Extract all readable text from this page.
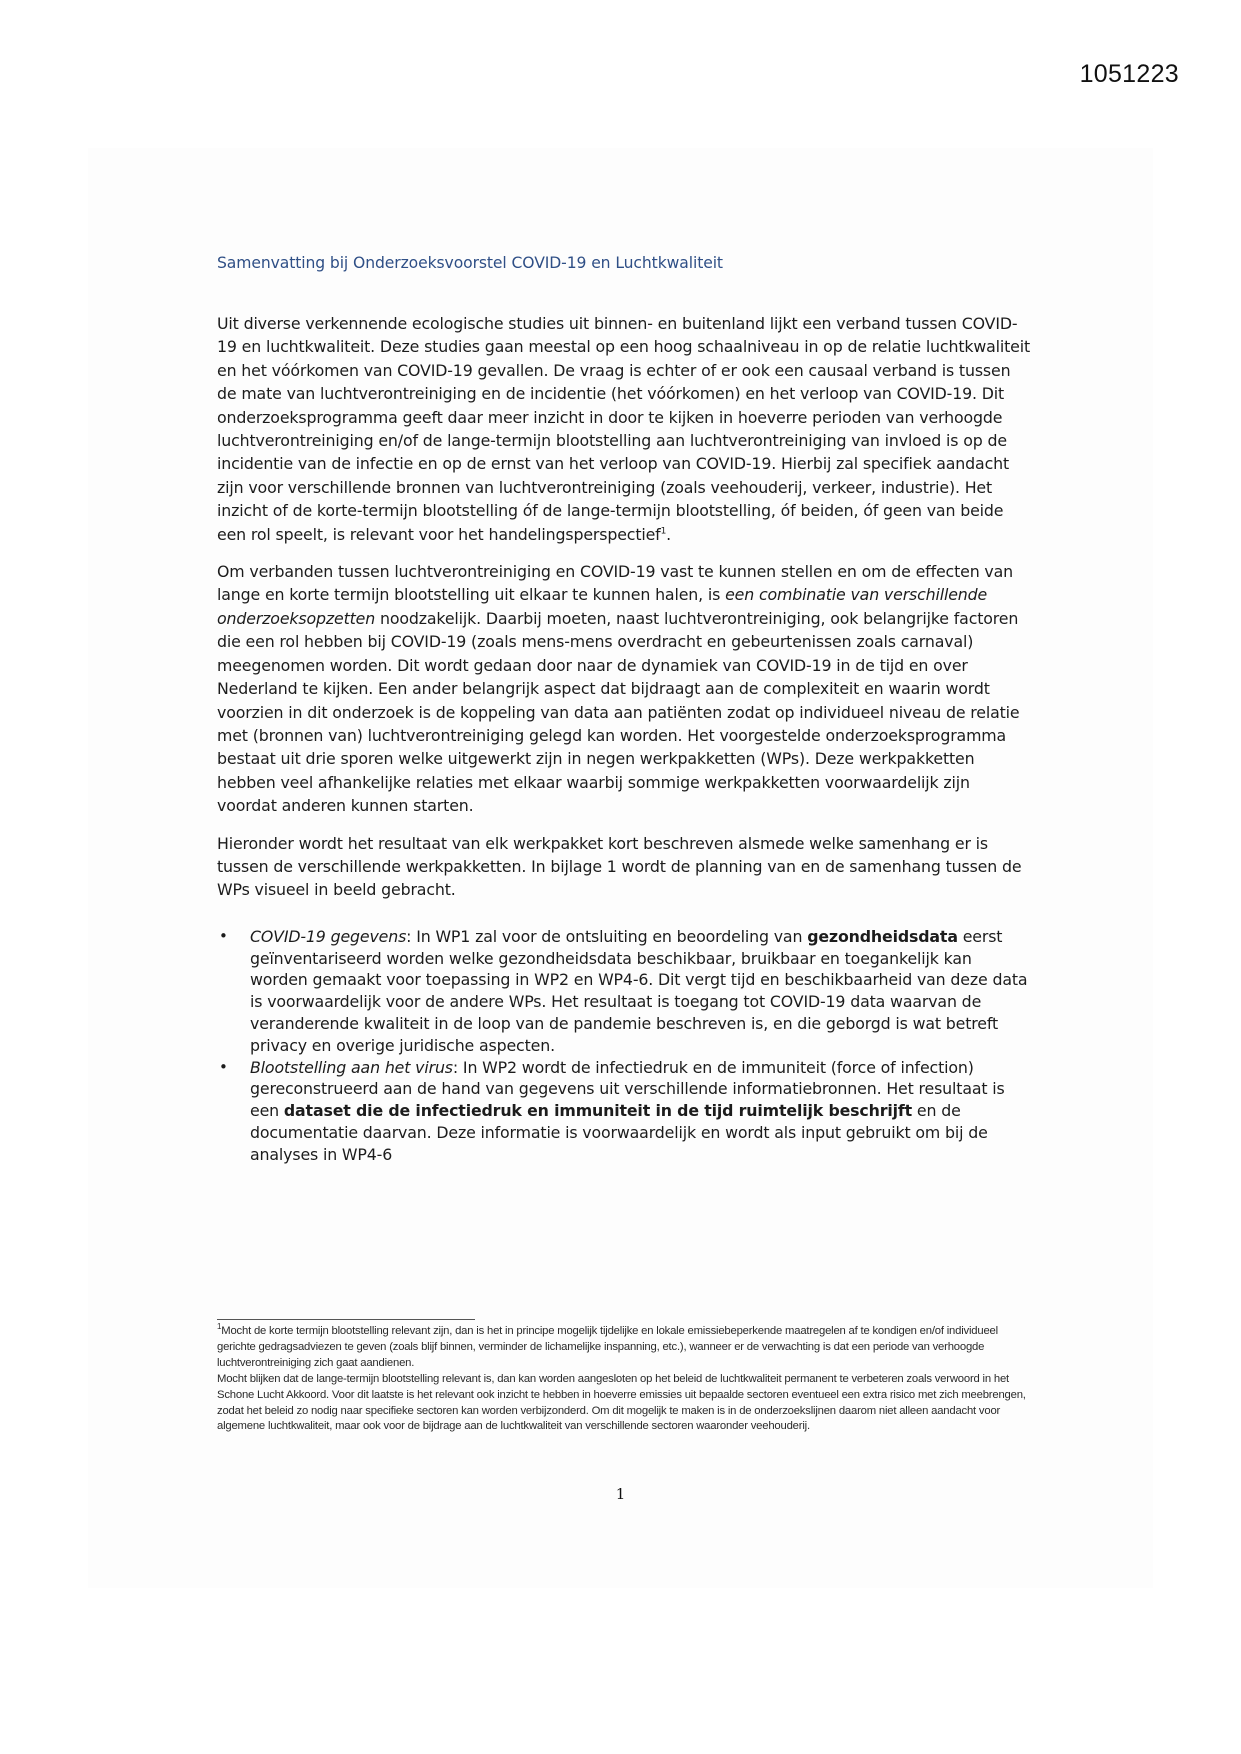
1051223
Samenvatting bij Onderzoeksvoorstel COVID-19 en Luchtkwaliteit

Uit diverse verkennende ecologische studies uit binnen- en buitenland lijkt een verband tussen COVID-19 en luchtkwaliteit. Deze studies gaan meestal op een hoog schaalniveau in op de relatie luchtkwaliteit en het vóórkomen van COVID-19 gevallen. De vraag is echter of er ook een causaal verband is tussen de mate van luchtverontreiniging en de incidentie (het vóórkomen) en het verloop van COVID-19. Dit onderzoeksprogramma geeft daar meer inzicht in door te kijken in hoeverre perioden van verhoogde luchtverontreiniging en/of de lange-termijn blootstelling aan luchtverontreiniging van invloed is op de incidentie van de infectie en op de ernst van het verloop van COVID-19. Hierbij zal specifiek aandacht zijn voor verschillende bronnen van luchtverontreiniging (zoals veehouderij, verkeer, industrie). Het inzicht of de korte-termijn blootstelling óf de lange-termijn blootstelling, óf beiden, óf geen van beide een rol speelt, is relevant voor het handelingsperspectief$^1$.

Om verbanden tussen luchtverontreiniging en COVID-19 vast te kunnen stellen en om de effecten van lange en korte termijn blootstelling uit elkaar te kunnen halen, is een combinatie van verschillende onderzoeksopzetten noodzakelijk. Daarbij moeten, naast luchtverontreiniging, ook belangrijke factoren die een rol hebben bij COVID-19 (zoals mens-mens overdracht en gebeurtenissen zoals carnaval) meegenomen worden. Dit wordt gedaan door naar de dynamiek van COVID-19 in de tijd en over Nederland te kijken. Een ander belangrijk aspect dat bijdraagt aan de complexiteit en waarin wordt voorzien in dit onderzoek is de koppeling van data aan patiënten zodat op individueel niveau de relatie met (bronnen van) luchtverontreiniging gelegd kan worden. Het voorgestelde onderzoeksprogramma bestaat uit drie sporen welke uitgewerkt zijn in negen werkpakketten (WPs). Deze werkpakketten hebben veel afhankelijke relaties met elkaar waarbij sommige werkpakketten voorwaardelijk zijn voordat anderen kunnen starten.

Hieronder wordt het resultaat van elk werkpakket kort beschreven alsmede welke samenhang er is tussen de verschillende werkpakketten. In bijlage 1 wordt de planning van en de samenhang tussen de WPs visueel in beeld gebracht.

• COVID-19 gegevens: In WP1 zal voor de ontsluiting en beoordeling van gezondheidsdata eerst geïnventariseerd worden welke gezondheidsdata beschikbaar, bruikbaar en toegankelijk kan worden gemaakt voor toepassing in WP2 en WP4-6. Dit vergt tijd en beschikbaarheid van deze data is voorwaardelijk voor de andere WPs. Het resultaat is toegang tot COVID-19 data waarvan de veranderende kwaliteit in de loop van de pandemie beschreven is, en die geborgd is wat betreft privacy en overige juridische aspecten.
• Blootstelling aan het virus: In WP2 wordt de infectiedruk en de immuniteit (force of infection) gereconstrueerd aan de hand van gegevens uit verschillende informatiebronnen. Het resultaat is een dataset die de infectiedruk en immuniteit in de tijd ruimtelijk beschrijft en de documentatie daarvan. Deze informatie is voorwaardelijk en wordt als input gebruikt om bij de analyses in WP4-6

$^1$Mocht de korte termijn blootstelling relevant zijn, dan is het in principe mogelijk tijdelijke en lokale emissiebeperkende maatregelen af te kondigen en/of individueel gerichte gedragsadviezen te geven (zoals blijf binnen, verminder de lichamelijke inspanning, etc.), wanneer er de verwachting is dat een periode van verhoogde luchtverontreiniging zich gaat aandienen.

Mocht blijken dat de lange-termijn blootstelling relevant is, dan kan worden aangesloten op het beleid de luchtkwaliteit permanent te verbeteren zoals verwoord in het Schone Lucht Akkoord. Voor dit laatste is het relevant ook inzicht te hebben in hoeverre emissies uit bepaalde sectoren eventueel een extra risico met zich meebrengen, zodat het beleid zo nodig naar specifieke sectoren kan worden verbijzonderd. Om dit mogelijk te maken is in de onderzoekslijnen daarom niet alleen aandacht voor algemene luchtkwaliteit, maar ook voor de bijdrage aan de luchtkwaliteit van verschillende sectoren waaronder veehouderij.

1
